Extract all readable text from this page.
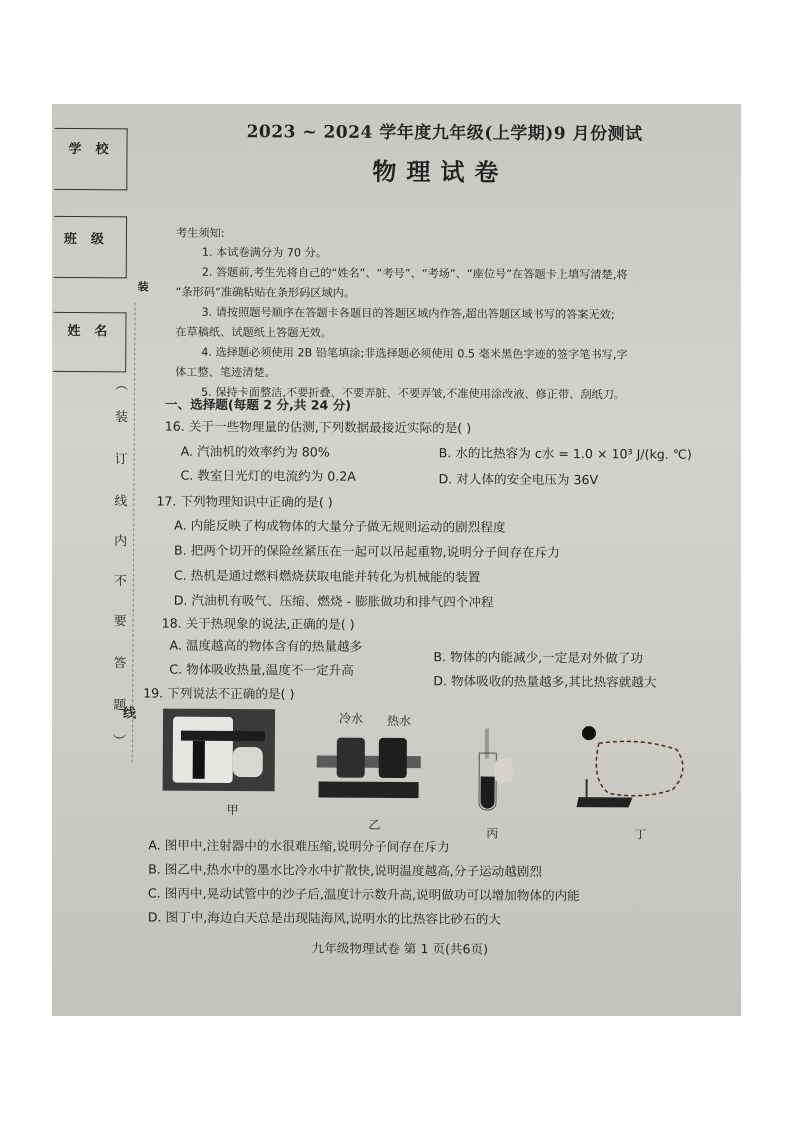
学校
班级
姓名
装
︵
装
订
线
内
不
要
答
题
线
︶
2023 ~ 2024 学年度九年级(上学期)9 月份测试
物理试卷
考生须知:
1. 本试卷满分为 70 分。
2. 答题前,考生先将自己的“姓名”、“考号”、“考场”、“座位号”在答题卡上填写清楚,将
“条形码”准确粘贴在条形码区域内。
3. 请按照题号顺序在答题卡各题目的答题区域内作答,超出答题区域书写的答案无效;
在草稿纸、试题纸上答题无效。
4. 选择题必须使用 2B 铅笔填涂;非选择题必须使用 0.5 毫米黑色字迹的签字笔书写,字
体工整、笔迹清楚。
5. 保持卡面整洁,不要折叠、不要弄脏、不要弄皱,不准使用涂改液、修正带、刮纸刀。
一、选择题(每题 2 分,共 24 分)
16. 关于一些物理量的估测,下列数据最接近实际的是( )
A. 汽油机的效率约为 80%	B. 水的比热容为 c水 = 1.0 × 10³ J/(kg. ℃)
C. 教室日光灯的电流约为 0.2A	D. 对人体的安全电压为 36V
17. 下列物理知识中正确的是( )
A. 内能反映了构成物体的大量分子做无规则运动的剧烈程度
B. 把两个切开的保险丝紧压在一起可以吊起重物,说明分子间存在斥力
C. 热机是通过燃料燃烧获取电能并转化为机械能的装置
D. 汽油机有吸气、压缩、燃烧 - 膨胀做功和排气四个冲程
18. 关于热现象的说法,正确的是( )
A. 温度越高的物体含有的热量越多
B. 物体的内能减少,一定是对外做了功
C. 物体吸收热量,温度不一定升高
D. 物体吸收的热量越多,其比热容就越大
19. 下列说法不正确的是( )
甲
冷水 热水
乙
丙	丁
A. 图甲中,注射器中的水很难压缩,说明分子间存在斥力
B. 图乙中,热水中的墨水比冷水中扩散快,说明温度越高,分子运动越剧烈
C. 图丙中,晃动试管中的沙子后,温度计示数升高,说明做功可以增加物体的内能
D. 图丁中,海边白天总是出现陆海风,说明水的比热容比砂石的大
九年级物理试卷 第 1 页(共6页)
